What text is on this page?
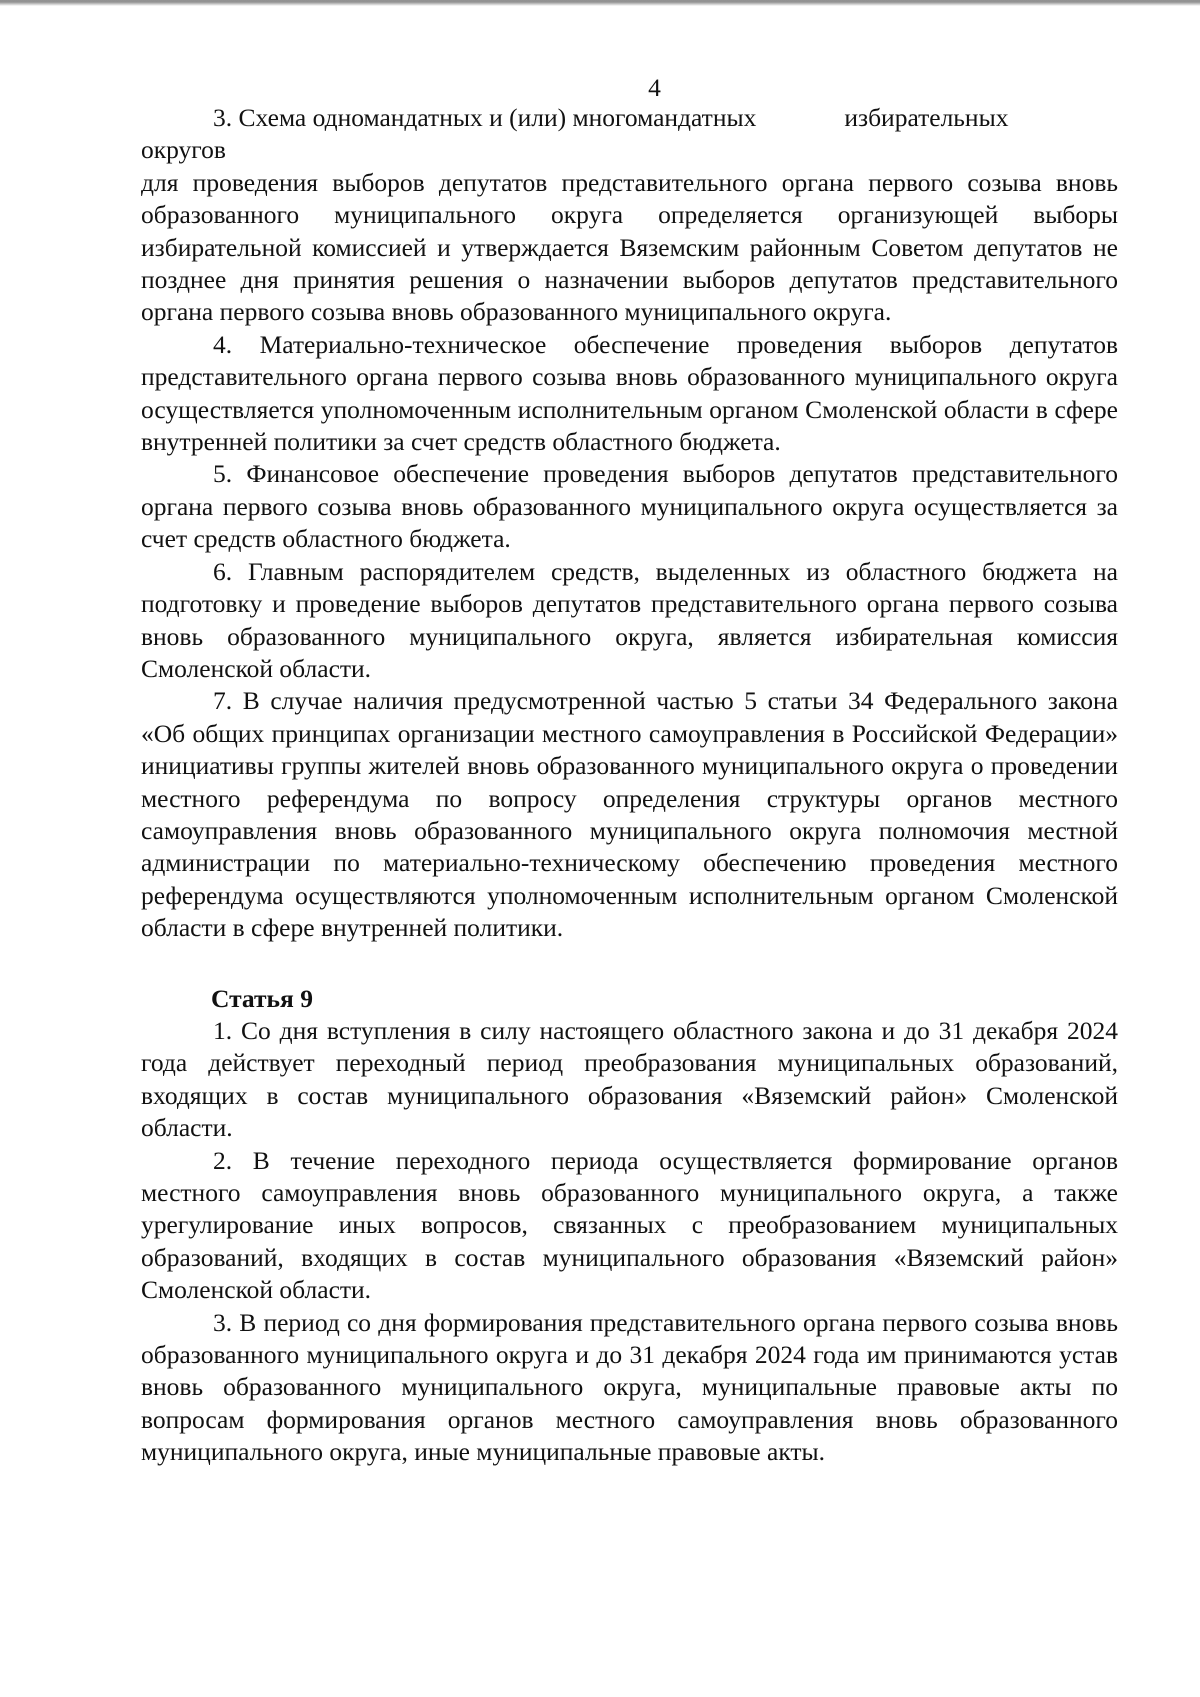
4

3. Схема одномандатных и (или) многомандатных	избирательных

округов

для проведения выборов депутатов представительного органа первого созыва вновь образованного муниципального округа определяется организующей выборы избирательной комиссией и утверждается Вяземским районным Советом депутатов не позднее дня принятия решения о назначении выборов депутатов представительного органа первого созыва вновь образованного муниципального округа.

4. Материально-техническое обеспечение проведения выборов депутатов представительного органа первого созыва вновь образованного муниципального округа осуществляется уполномоченным исполнительным органом Смоленской области в сфере внутренней политики за счет средств областного бюджета.

5. Финансовое обеспечение проведения выборов депутатов представительного органа первого созыва вновь образованного муниципального округа осуществляется за счет средств областного бюджета.

6. Главным распорядителем средств, выделенных из областного бюджета на подготовку и проведение выборов депутатов представительного органа первого созыва вновь образованного муниципального округа, является избирательная комиссия Смоленской области.

7. В случае наличия предусмотренной частью 5 статьи 34 Федерального закона «Об общих принципах организации местного самоуправления в Российской Федерации» инициативы группы жителей вновь образованного муниципального округа о проведении местного референдума по вопросу определения структуры органов местного самоуправления вновь образованного муниципального округа полномочия местной администрации по материально-техническому обеспечению проведения местного референдума осуществляются уполномоченным исполнительным органом Смоленской области в сфере внутренней политики.

Статья 9

1. Со дня вступления в силу настоящего областного закона и до 31 декабря 2024 года действует переходный период преобразования муниципальных образований, входящих в состав муниципального образования «Вяземский район» Смоленской области.

2. В течение переходного периода осуществляется формирование органов местного самоуправления вновь образованного муниципального округа, а также урегулирование иных вопросов, связанных с преобразованием муниципальных образований, входящих в состав муниципального образования «Вяземский район» Смоленской области.

3. В период со дня формирования представительного органа первого созыва вновь образованного муниципального округа и до 31 декабря 2024 года им принимаются устав вновь образованного муниципального округа, муниципальные правовые акты по вопросам формирования органов местного самоуправления вновь образованного муниципального округа, иные муниципальные правовые акты.
